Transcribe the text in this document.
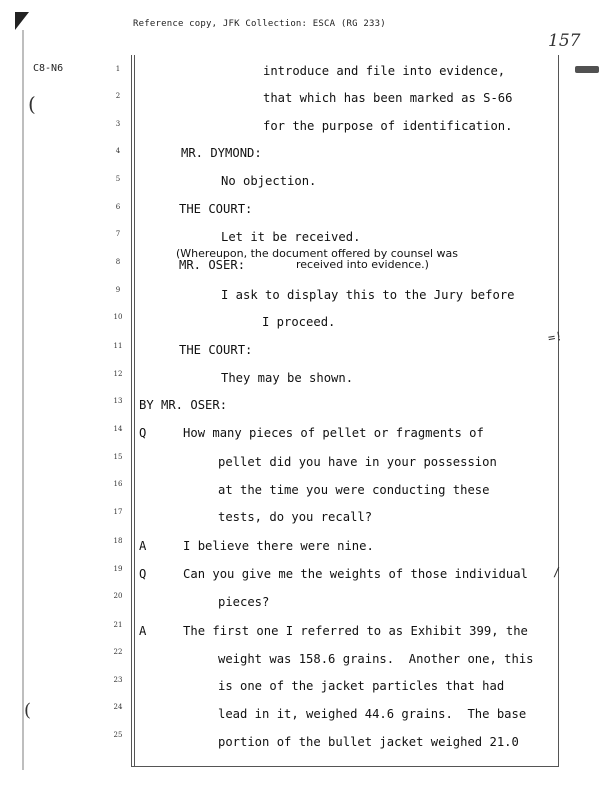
Reference copy, JFK Collection: ESCA (RG 233)
157
C8-N6
(
(
=!
/
1
2
3
4
5
6
7
8
9
10
11
12
13
14
15
16
17
18
19
20
21
22
23
24
25
introduce and file into evidence,
that which has been marked as S-66
for the purpose of identification.
MR. DYMOND:
No objection.
THE COURT:
Let it be received.
(Whereupon, the document offered by counsel was
received into evidence.)
MR. OSER:
I ask to display this to the Jury before
I proceed.
THE COURT:
They may be shown.
BY MR. OSER:
Q     How many pieces of pellet or fragments of
pellet did you have in your possession
at the time you were conducting these
tests, do you recall?
A     I believe there were nine.
Q     Can you give me the weights of those individual
pieces?
A     The first one I referred to as Exhibit 399, the
weight was 158.6 grains.  Another one, this
is one of the jacket particles that had
lead in it, weighed 44.6 grains.  The base
portion of the bullet jacket weighed 21.0
